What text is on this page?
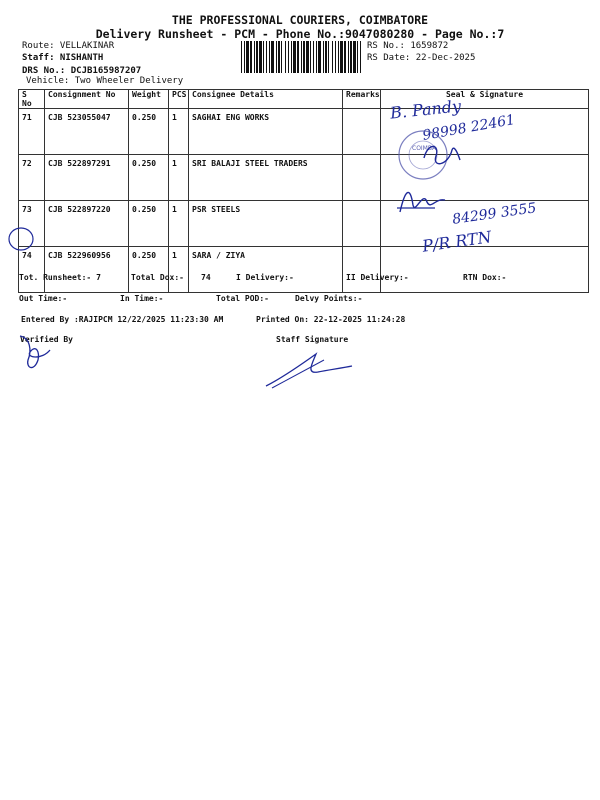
THE PROFESSIONAL COURIERS, COIMBATORE
Delivery Runsheet - PCM - Phone No.:9047080280 - Page No.:7
Route: VELLAKINAR
Staff: NISHANTH
DRS No.: DCJB165987207
Vehicle: Two Wheeler Delivery
RS No.: 1659872
RS Date: 22-Dec-2025
S No	Consignment No	Weight	PCS	Consignee Details	Remarks	Seal & Signature
71	CJB 523055047	0.250	1	SAGHAI ENG WORKS		
72	CJB 522897291	0.250	1	SRI BALAJI STEEL TRADERS		
73	CJB 522897220	0.250	1	PSR STEELS		
74	CJB 522960956	0.250	1	SARA / ZIYA		
Tot. Runsheet:- 7	Total Dox:- 74	I Delivery:-	II Delivery:-	RTN Dox:-
Out Time:-	In Time:-	Total POD:-	Delvy Points:-
Entered By :RAJIPCM 12/22/2025 11:23:30 AM	Printed On: 22-12-2025 11:24:28
Verified By	Staff Signature
B. Pandy
98998 22461
84299 3555
P/R RTN
COIMBA
